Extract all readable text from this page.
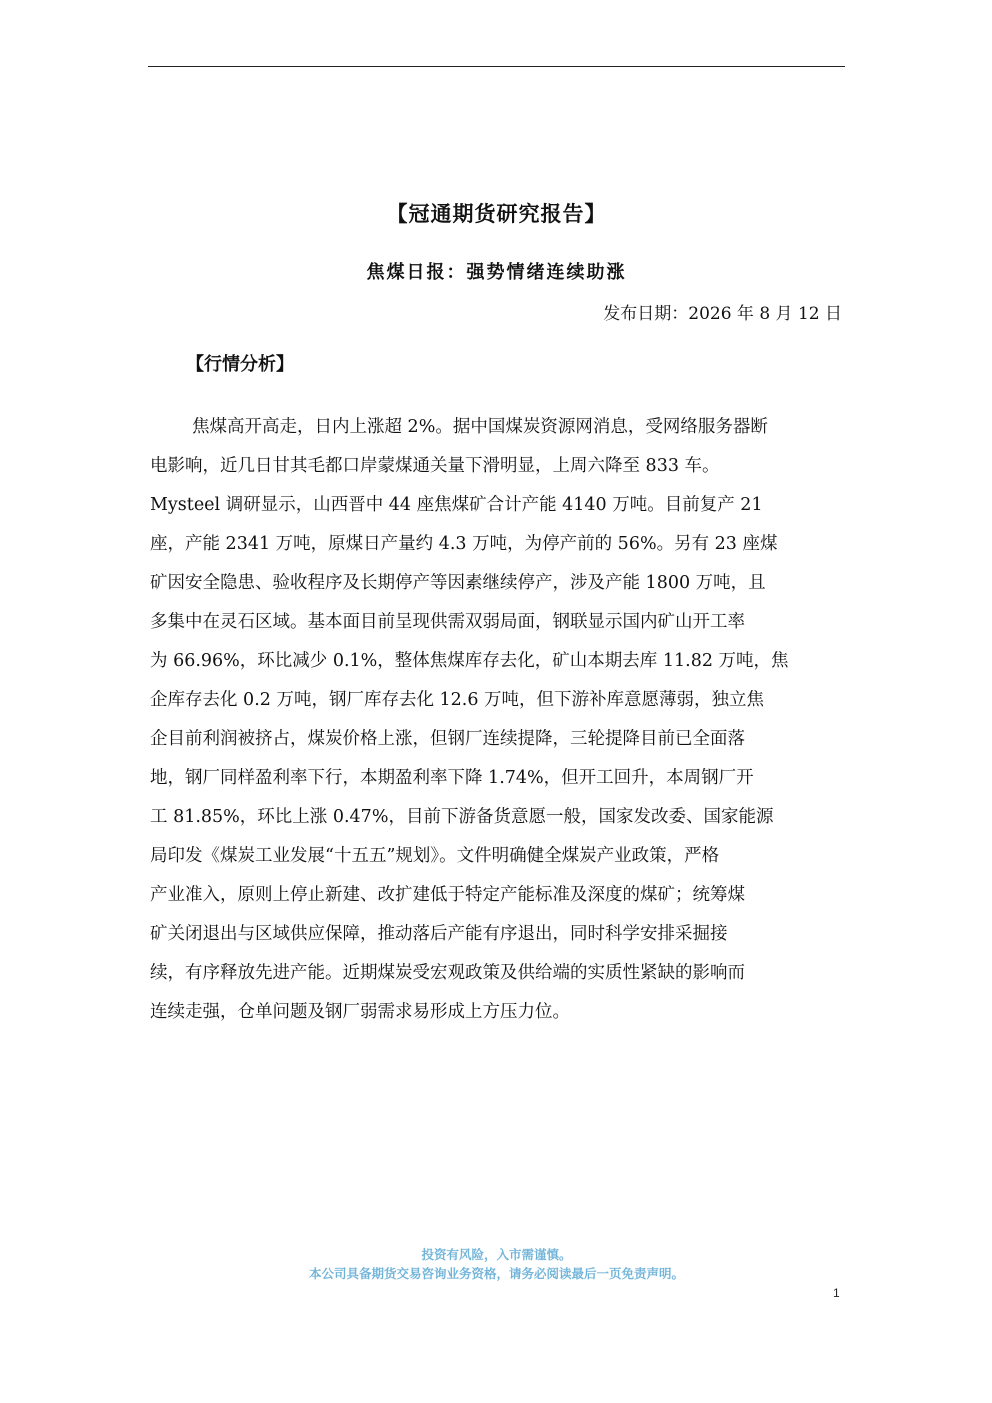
【冠通期货研究报告】
焦煤日报：强势情绪连续助涨
发布日期：2026 年 8 月 12 日
【行情分析】

焦煤高开高走，日内上涨超 2%。据中国煤炭资源网消息，受网络服务器断
电影响，近几日甘其毛都口岸蒙煤通关量下滑明显，上周六降至 833 车。
Mysteel 调研显示，山西晋中 44 座焦煤矿合计产能 4140 万吨。目前复产 21
座，产能 2341 万吨，原煤日产量约 4.3 万吨，为停产前的 56%。另有 23 座煤
矿因安全隐患、验收程序及长期停产等因素继续停产，涉及产能 1800 万吨，且
多集中在灵石区域。基本面目前呈现供需双弱局面，钢联显示国内矿山开工率
为 66.96%，环比减少 0.1%，整体焦煤库存去化，矿山本期去库 11.82 万吨，焦
企库存去化 0.2 万吨，钢厂库存去化 12.6 万吨，但下游补库意愿薄弱，独立焦
企目前利润被挤占，煤炭价格上涨，但钢厂连续提降，三轮提降目前已全面落
地，钢厂同样盈利率下行，本期盈利率下降 1.74%，但开工回升，本周钢厂开
工 81.85%，环比上涨 0.47%，目前下游备货意愿一般，国家发改委、国家能源
局印发《煤炭工业发展“十五五”规划》。文件明确健全煤炭产业政策，严格
产业准入，原则上停止新建、改扩建低于特定产能标准及深度的煤矿；统筹煤
矿关闭退出与区域供应保障，推动落后产能有序退出，同时科学安排采掘接
续，有序释放先进产能。近期煤炭受宏观政策及供给端的实质性紧缺的影响而
连续走强，仓单问题及钢厂弱需求易形成上方压力位。

投资有风险，入市需谨慎。
本公司具备期货交易咨询业务资格，请务必阅读最后一页免责声明。
1
